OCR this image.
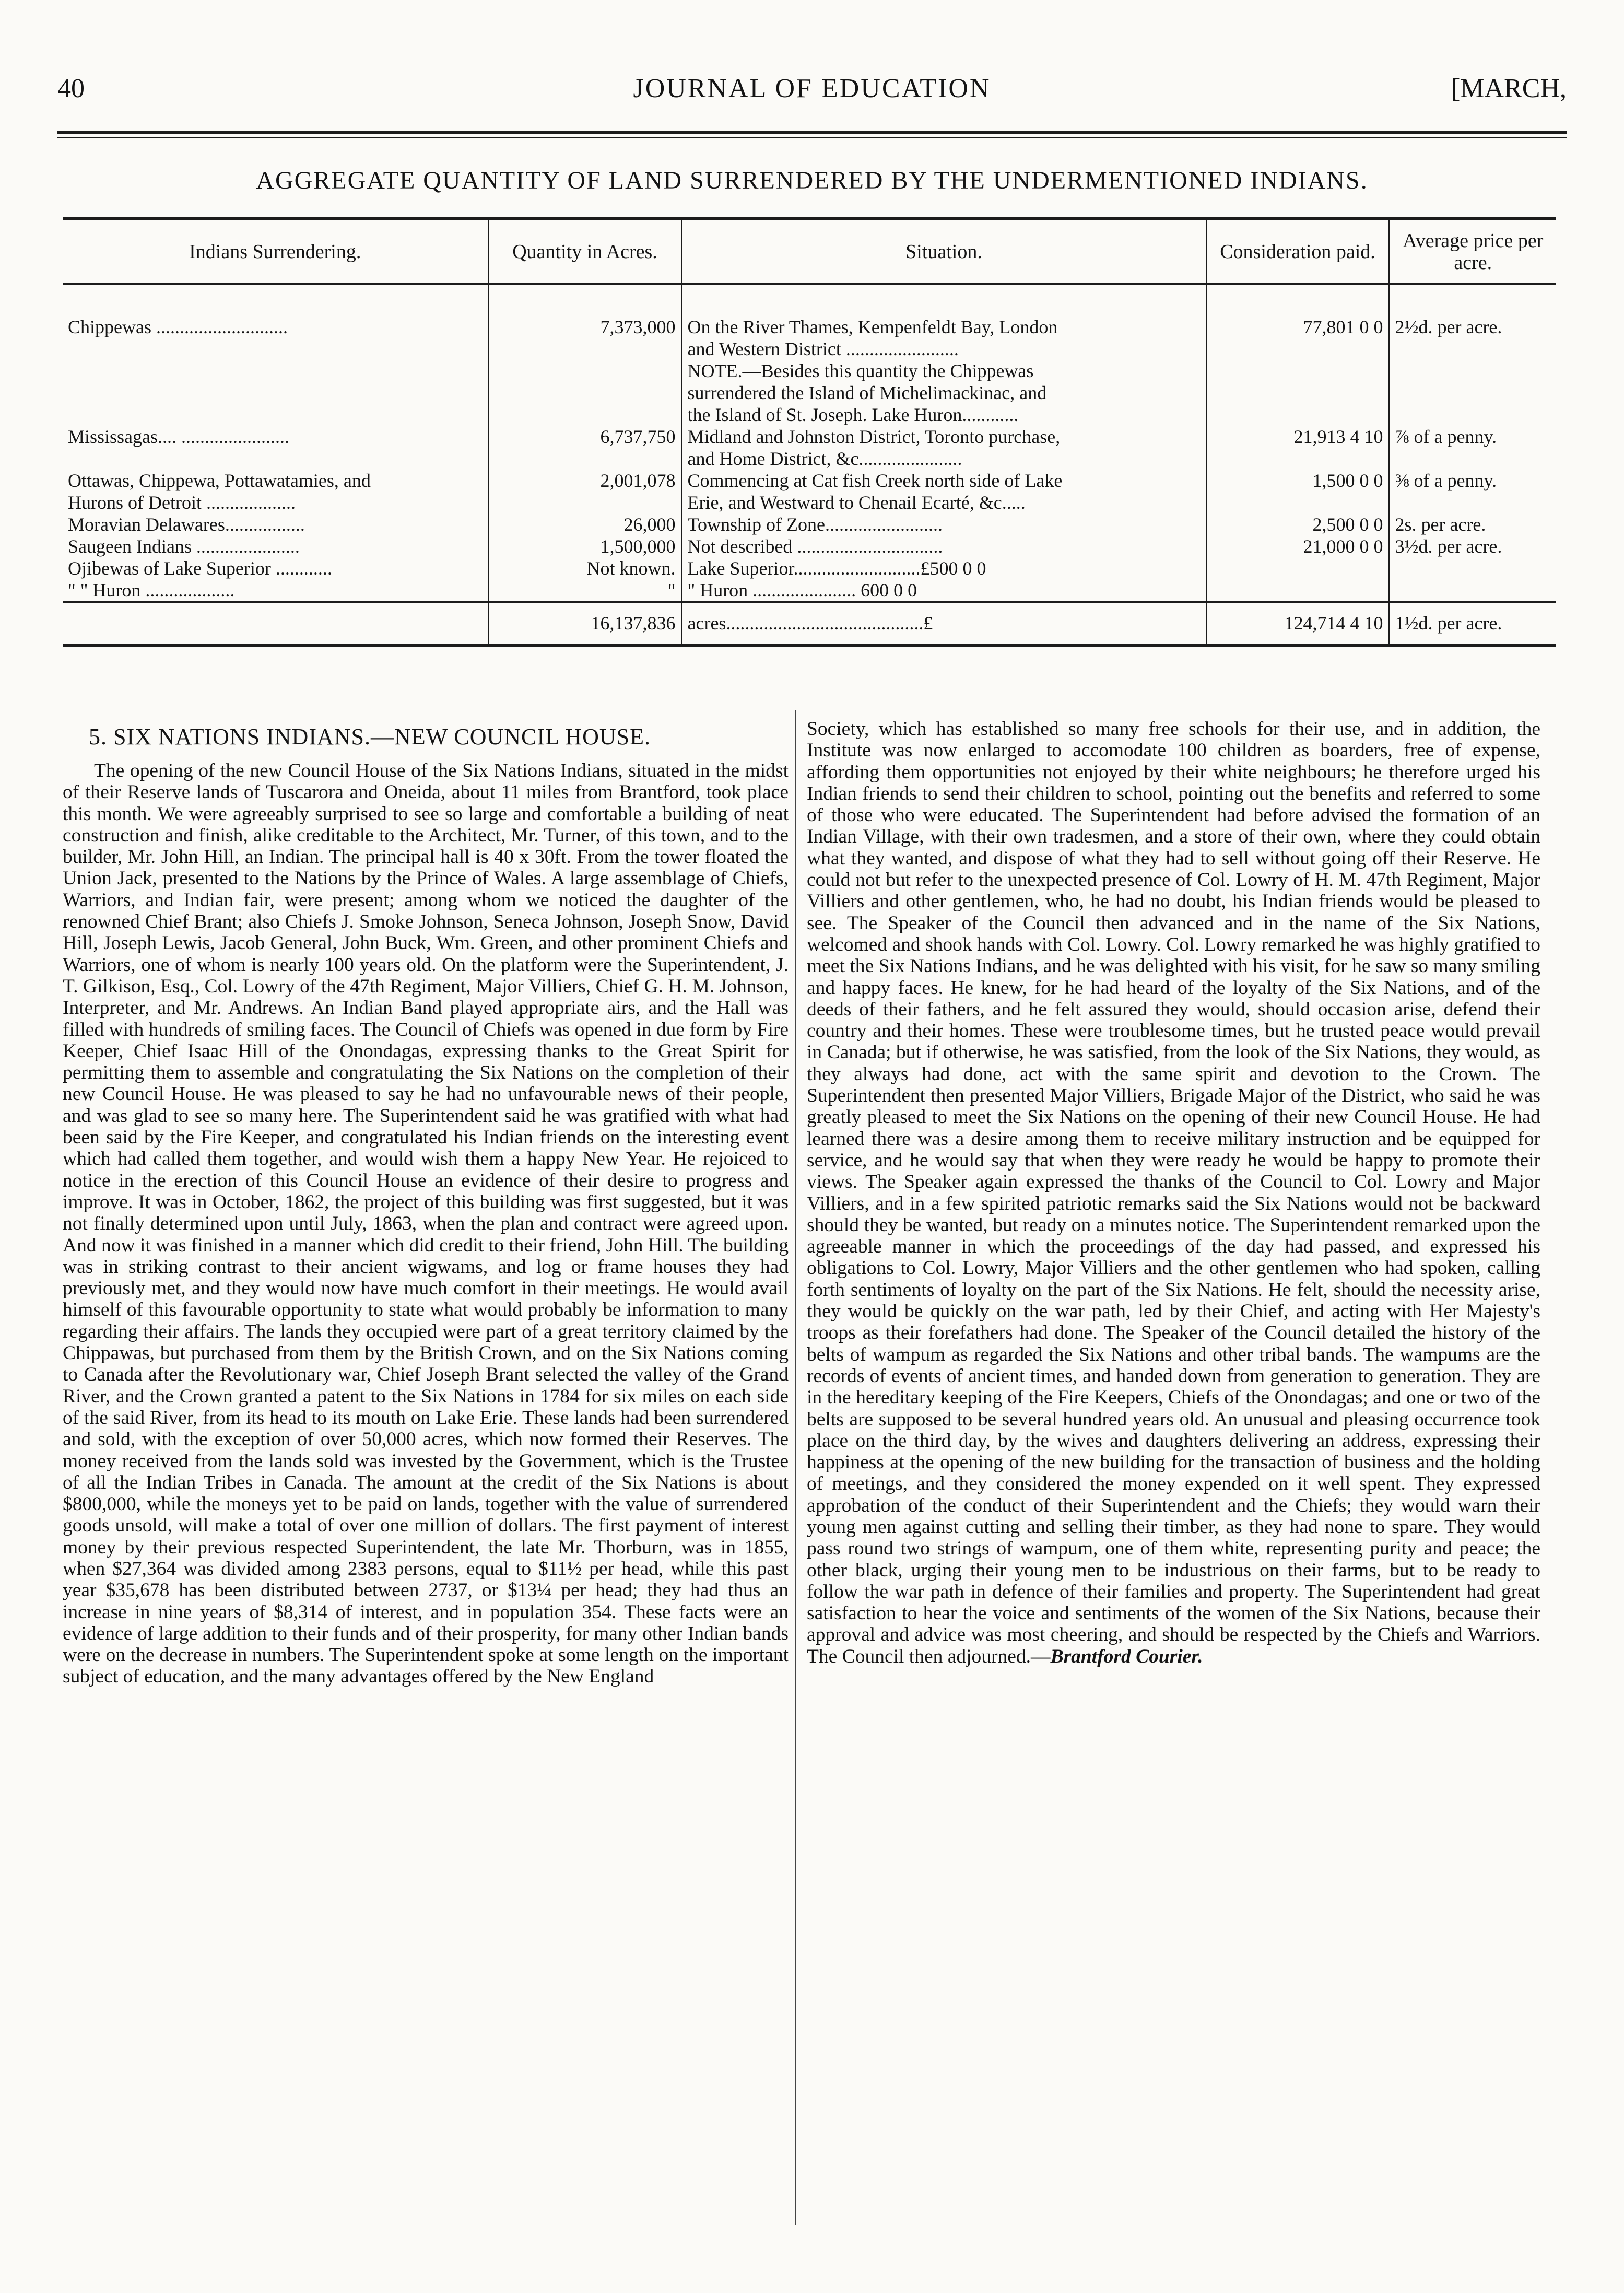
40	JOURNAL OF EDUCATION	[MARCH,
AGGREGATE QUANTITY OF LAND SURRENDERED BY THE UNDERMENTIONED INDIANS.
Indians Surrendering.	Quantity in Acres.	Situation.	Consideration paid.	Average price per acre.

Chippewas ............................	7,373,000	On the River Thames, Kempenfeldt Bay, London
and Western District ........................
NOTE.—Besides this quantity the Chippewas
surrendered the Island of Michelimackinac, and
the Island of St. Joseph. Lake Huron............	77,801 0 0	2½d. per acre.

Mississagas.... .......................	6,737,750	Midland and Johnston District, Toronto purchase,
and Home District, &c......................	21,913 4 10	⅞ of a penny.

Ottawas, Chippewa, Pottawatamies, and
Hurons of Detroit ...................	2,001,078	Commencing at Cat fish Creek north side of Lake
Erie, and Westward to Chenail Ecarté, &c.....	1,500 0 0	⅜ of a penny.

Moravian Delawares.................	26,000	Township of Zone.........................	2,500 0 0	2s. per acre.

Saugeen Indians ......................	1,500,000	Not described ...............................	21,000 0 0	3½d. per acre.

Ojibewas of Lake Superior ............	Not known.	Lake Superior...........................£500 0 0		

" " Huron ...................	"	" Huron ...................... 600 0 0		

	16,137,836	acres..........................................£	124,714 4 10	1½d. per acre.
5. SIX NATIONS INDIANS.—NEW COUNCIL HOUSE.
The opening of the new Council House of the Six Nations Indians, situated in the midst of their Reserve lands of Tuscarora and Oneida, about 11 miles from Brantford, took place this month. We were agreeably surprised to see so large and comfortable a building of neat construction and finish, alike creditable to the Architect, Mr. Turner, of this town, and to the builder, Mr. John Hill, an Indian. The principal hall is 40 x 30ft. From the tower floated the Union Jack, presented to the Nations by the Prince of Wales. A large assemblage of Chiefs, Warriors, and Indian fair, were present; among whom we noticed the daughter of the renowned Chief Brant; also Chiefs J. Smoke Johnson, Seneca Johnson, Joseph Snow, David Hill, Joseph Lewis, Jacob General, John Buck, Wm. Green, and other prominent Chiefs and Warriors, one of whom is nearly 100 years old. On the platform were the Superintendent, J. T. Gilkison, Esq., Col. Lowry of the 47th Regiment, Major Villiers, Chief G. H. M. Johnson, Interpreter, and Mr. Andrews. An Indian Band played appropriate airs, and the Hall was filled with hundreds of smiling faces. The Council of Chiefs was opened in due form by Fire Keeper, Chief Isaac Hill of the Onondagas, expressing thanks to the Great Spirit for permitting them to assemble and congratulating the Six Nations on the completion of their new Council House. He was pleased to say he had no unfavourable news of their people, and was glad to see so many here. The Superintendent said he was gratified with what had been said by the Fire Keeper, and congratulated his Indian friends on the interesting event which had called them together, and would wish them a happy New Year. He rejoiced to notice in the erection of this Council House an evidence of their desire to progress and improve. It was in October, 1862, the project of this building was first suggested, but it was not finally determined upon until July, 1863, when the plan and contract were agreed upon. And now it was finished in a manner which did credit to their friend, John Hill. The building was in striking contrast to their ancient wigwams, and log or frame houses they had previously met, and they would now have much comfort in their meetings. He would avail himself of this favourable opportunity to state what would probably be information to many regarding their affairs. The lands they occupied were part of a great territory claimed by the Chippawas, but purchased from them by the British Crown, and on the Six Nations coming to Canada after the Revolutionary war, Chief Joseph Brant selected the valley of the Grand River, and the Crown granted a patent to the Six Nations in 1784 for six miles on each side of the said River, from its head to its mouth on Lake Erie. These lands had been surrendered and sold, with the exception of over 50,000 acres, which now formed their Reserves. The money received from the lands sold was invested by the Government, which is the Trustee of all the Indian Tribes in Canada. The amount at the credit of the Six Nations is about $800,000, while the moneys yet to be paid on lands, together with the value of surrendered goods unsold, will make a total of over one million of dollars. The first payment of interest money by their previous respected Superintendent, the late Mr. Thorburn, was in 1855, when $27,364 was divided among 2383 persons, equal to $11½ per head, while this past year $35,678 has been distributed between 2737, or $13¼ per head; they had thus an increase in nine years of $8,314 of interest, and in population 354. These facts were an evidence of large addition to their funds and of their prosperity, for many other Indian bands were on the decrease in numbers. The Superintendent spoke at some length on the important subject of education, and the many advantages offered by the New England
Society, which has established so many free schools for their use, and in addition, the Institute was now enlarged to accomodate 100 children as boarders, free of expense, affording them opportunities not enjoyed by their white neighbours; he therefore urged his Indian friends to send their children to school, pointing out the benefits and referred to some of those who were educated. The Superintendent had before advised the formation of an Indian Village, with their own tradesmen, and a store of their own, where they could obtain what they wanted, and dispose of what they had to sell without going off their Reserve. He could not but refer to the unexpected presence of Col. Lowry of H. M. 47th Regiment, Major Villiers and other gentlemen, who, he had no doubt, his Indian friends would be pleased to see. The Speaker of the Council then advanced and in the name of the Six Nations, welcomed and shook hands with Col. Lowry. Col. Lowry remarked he was highly gratified to meet the Six Nations Indians, and he was delighted with his visit, for he saw so many smiling and happy faces. He knew, for he had heard of the loyalty of the Six Nations, and of the deeds of their fathers, and he felt assured they would, should occasion arise, defend their country and their homes. These were troublesome times, but he trusted peace would prevail in Canada; but if otherwise, he was satisfied, from the look of the Six Nations, they would, as they always had done, act with the same spirit and devotion to the Crown. The Superintendent then presented Major Villiers, Brigade Major of the District, who said he was greatly pleased to meet the Six Nations on the opening of their new Council House. He had learned there was a desire among them to receive military instruction and be equipped for service, and he would say that when they were ready he would be happy to promote their views. The Speaker again expressed the thanks of the Council to Col. Lowry and Major Villiers, and in a few spirited patriotic remarks said the Six Nations would not be backward should they be wanted, but ready on a minutes notice. The Superintendent remarked upon the agreeable manner in which the proceedings of the day had passed, and expressed his obligations to Col. Lowry, Major Villiers and the other gentlemen who had spoken, calling forth sentiments of loyalty on the part of the Six Nations. He felt, should the necessity arise, they would be quickly on the war path, led by their Chief, and acting with Her Majesty's troops as their forefathers had done. The Speaker of the Council detailed the history of the belts of wampum as regarded the Six Nations and other tribal bands. The wampums are the records of events of ancient times, and handed down from generation to generation. They are in the hereditary keeping of the Fire Keepers, Chiefs of the Onondagas; and one or two of the belts are supposed to be several hundred years old. An unusual and pleasing occurrence took place on the third day, by the wives and daughters delivering an address, expressing their happiness at the opening of the new building for the transaction of business and the holding of meetings, and they considered the money expended on it well spent. They expressed approbation of the conduct of their Superintendent and the Chiefs; they would warn their young men against cutting and selling their timber, as they had none to spare. They would pass round two strings of wampum, one of them white, representing purity and peace; the other black, urging their young men to be industrious on their farms, but to be ready to follow the war path in defence of their families and property. The Superintendent had great satisfaction to hear the voice and sentiments of the women of the Six Nations, because their approval and advice was most cheering, and should be respected by the Chiefs and Warriors. The Council then adjourned.—Brantford Courier.
